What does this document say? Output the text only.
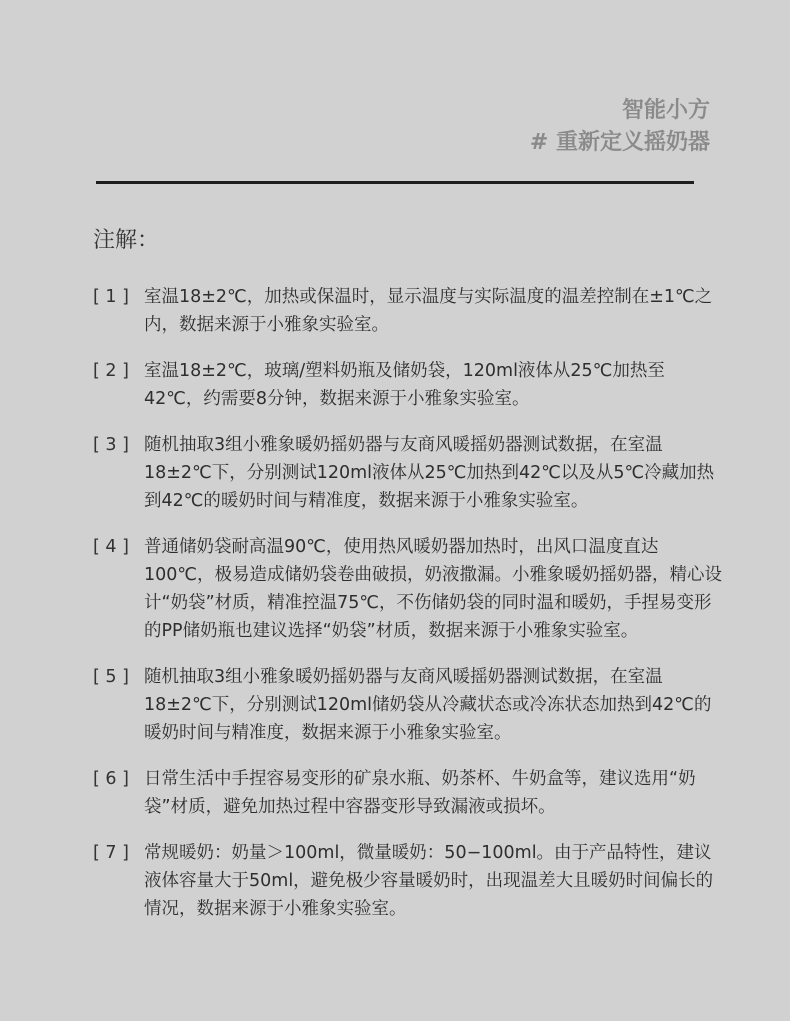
智能小方
# 重新定义摇奶器
注解：
[ 1 ] 室温18±2℃，加热或保温时，显示温度与实际温度的温差控制在±1℃之内，数据来源于小雅象实验室。
[ 2 ] 室温18±2℃，玻璃/塑料奶瓶及储奶袋，120ml液体从25℃加热至42℃，约需要8分钟，数据来源于小雅象实验室。
[ 3 ] 随机抽取3组小雅象暖奶摇奶器与友商风暖摇奶器测试数据，在室温18±2℃下，分别测试120ml液体从25℃加热到42℃以及从5℃冷藏加热到42℃的暖奶时间与精准度，数据来源于小雅象实验室。
[ 4 ] 普通储奶袋耐高温90℃，使用热风暖奶器加热时，出风口温度直达100℃，极易造成储奶袋卷曲破损，奶液撒漏。小雅象暖奶摇奶器，精心设计“奶袋”材质，精准控温75℃，不伤储奶袋的同时温和暖奶，手捏易变形的PP储奶瓶也建议选择“奶袋”材质，数据来源于小雅象实验室。
[ 5 ] 随机抽取3组小雅象暖奶摇奶器与友商风暖摇奶器测试数据，在室温18±2℃下，分别测试120ml储奶袋从冷藏状态或冷冻状态加热到42℃的暖奶时间与精准度，数据来源于小雅象实验室。
[ 6 ] 日常生活中手捏容易变形的矿泉水瓶、奶茶杯、牛奶盒等，建议选用“奶袋”材质，避免加热过程中容器变形导致漏液或损坏。
[ 7 ] 常规暖奶：奶量＞100ml，微量暖奶：50−100ml。由于产品特性，建议液体容量大于50ml，避免极少容量暖奶时，出现温差大且暖奶时间偏长的情况，数据来源于小雅象实验室。
